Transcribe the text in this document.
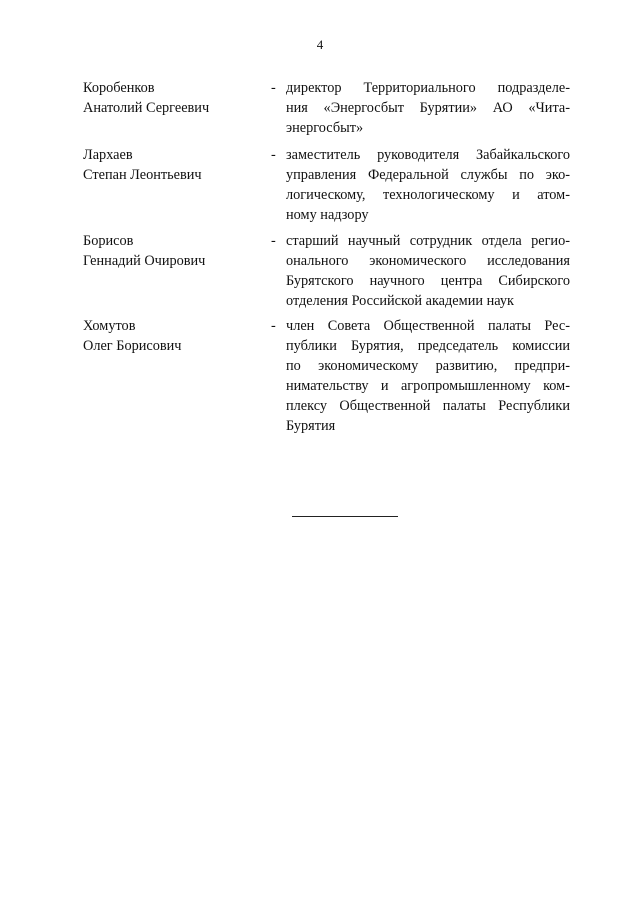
4
Коробенков
Анатолий Сергеевич
- директор Территориального подразделе-
ния «Энергосбыт Бурятии» АО «Чита-
энергосбыт»
Лархаев
Степан Леонтьевич
- заместитель руководителя Забайкальского
управления Федеральной службы по эко-
логическому, технологическому и атом-
ному надзору
Борисов
Геннадий Очирович
- старший научный сотрудник отдела регио-
онального экономического исследования
Бурятского научного центра Сибирского
отделения Российской академии наук
Хомутов
Олег Борисович
- член Совета Общественной палаты Рес-
публики Бурятия, председатель комиссии
по экономическому развитию, предпри-
нимательству и агропромышленному ком-
плексу Общественной палаты Республики
Бурятия
